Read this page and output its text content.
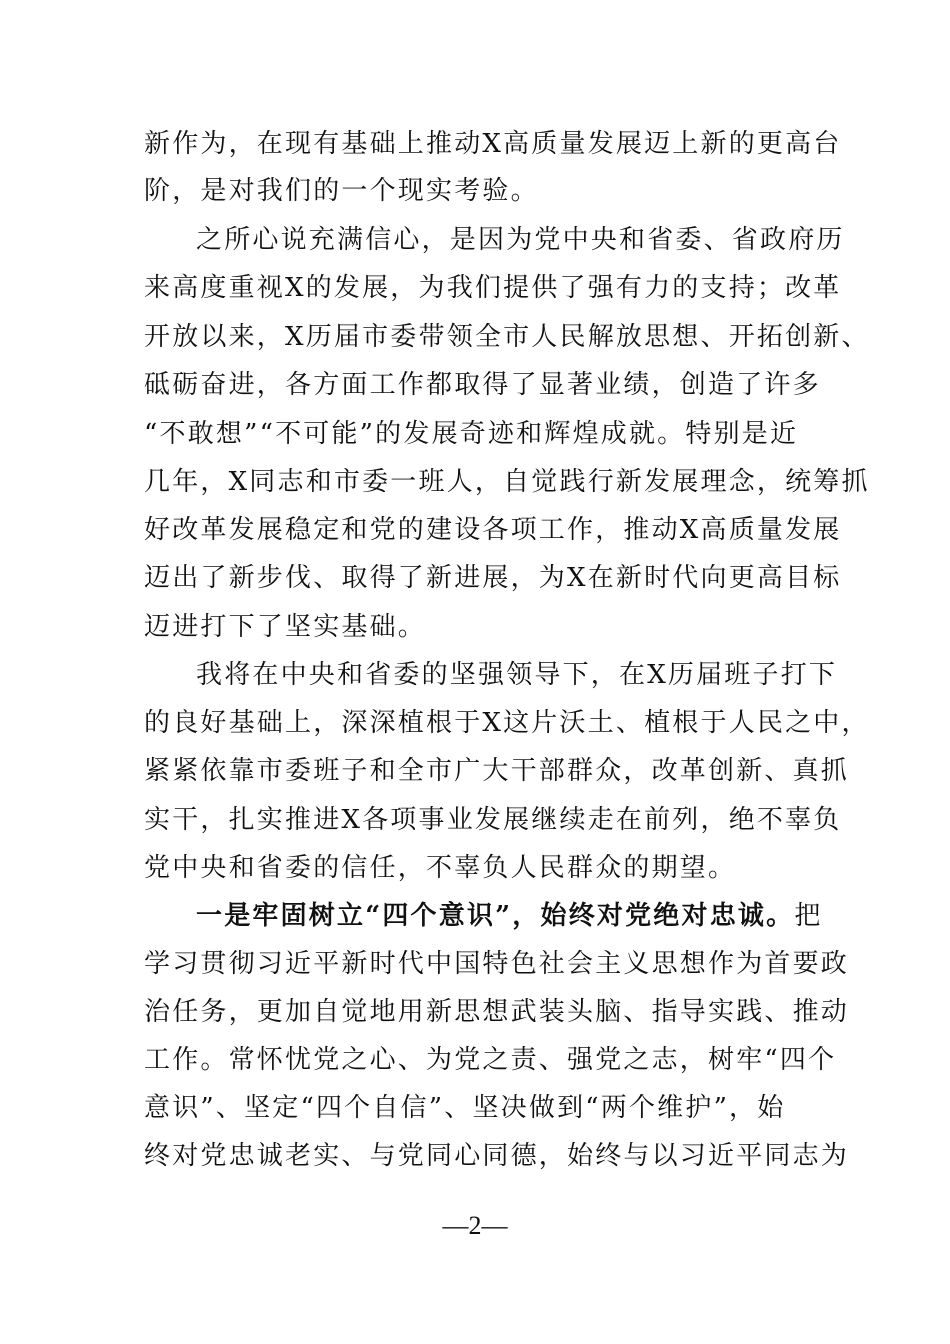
新作为，在现有基础上推动X高质量发展迈上新的更高台
阶，是对我们的一个现实考验。
之所心说充满信心，是因为党中央和省委、省政府历
来高度重视X的发展，为我们提供了强有力的支持；改革
开放以来，X历届市委带领全市人民解放思想、开拓创新、
砥砺奋进，各方面工作都取得了显著业绩，创造了许多
“不敢想”“不可能”的发展奇迹和辉煌成就。特别是近
几年，X同志和市委一班人，自觉践行新发展理念，统筹抓
好改革发展稳定和党的建设各项工作，推动X高质量发展
迈出了新步伐、取得了新进展，为X在新时代向更高目标
迈进打下了坚实基础。
我将在中央和省委的坚强领导下，在X历届班子打下
的良好基础上，深深植根于X这片沃土、植根于人民之中，
紧紧依靠市委班子和全市广大干部群众，改革创新、真抓
实干，扎实推进X各项事业发展继续走在前列，绝不辜负
党中央和省委的信任，不辜负人民群众的期望。
一是牢固树立“四个意识”，始终对党绝对忠诚。把
学习贯彻习近平新时代中国特色社会主义思想作为首要政
治任务，更加自觉地用新思想武装头脑、指导实践、推动
工作。常怀忧党之心、为党之责、强党之志，树牢“四个
意识”、坚定“四个自信”、坚决做到“两个维护”，始
终对党忠诚老实、与党同心同德，始终与以习近平同志为
—2—
